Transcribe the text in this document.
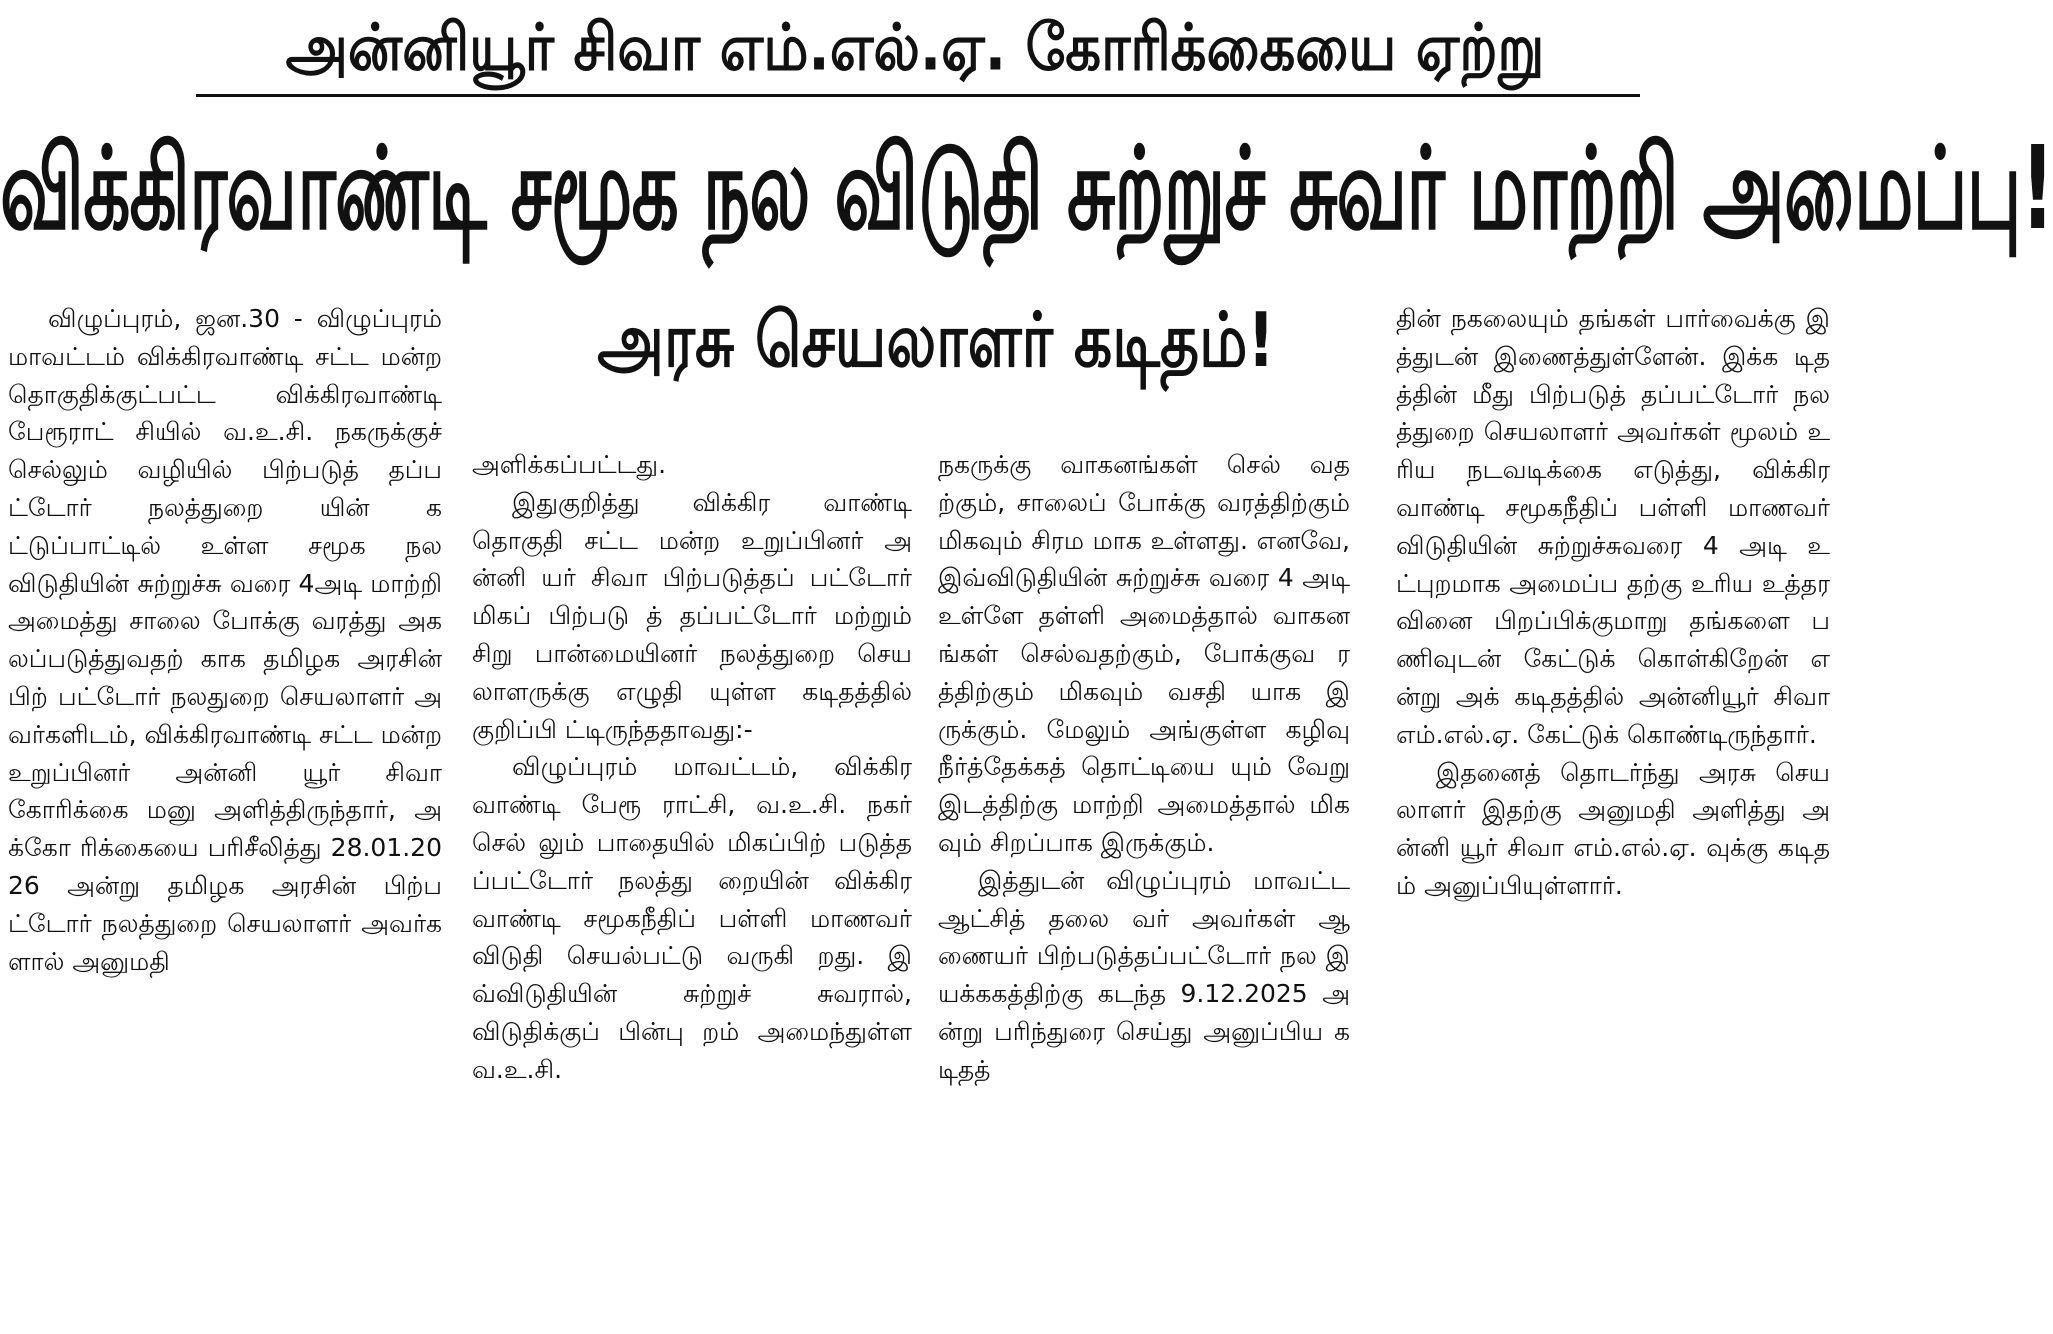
அன்னியூர் சிவா எம்.எல்.ஏ. கோரிக்கையை ஏற்று
விக்கிரவாண்டி சமூக நல விடுதி சுற்றுச் சுவர் மாற்றி அமைப்பு!
அரசு செயலாளர் கடிதம்!

விழுப்புரம், ஜன.30 - விழுப்புரம் மாவட்டம் விக்கிரவாண்டி சட்ட மன்ற தொகுதிக்குட்பட்ட விக்கிரவாண்டி பேரூராட் சியில் வ.உ.சி. நகருக்குச் செல்லும் வழியில் பிற்படுத் தப்பட்டோர் நலத்துறை யின் கட்டுப்பாட்டில் உள்ள சமூக நல விடுதியின் சுற்றுச்சு வரை 4அடி மாற்றி அமைத்து சாலை போக்கு வரத்து அகலப்படுத்துவதற் காக தமிழக அரசின் பிற் பட்டோர் நலதுறை செயலாளர் அவர்களிடம், விக்கிரவாண்டி சட்ட மன்ற உறுப்பினர் அன்னி யூர் சிவா கோரிக்கை மனு அளித்திருந்தார், அக்கோ ரிக்கையை பரிசீலித்து 28.01.2026 அன்று தமிழக அரசின் பிற்பட்டோர் நலத்துறை செயலாளர் அவர்களால் அனுமதி

அளிக்கப்பட்டது.

இதுகுறித்து விக்கிர வாண்டி தொகுதி சட்ட மன்ற உறுப்பினர் அன்னி யர் சிவா பிற்படுத்தப் பட்டோர் மிகப் பிற்படு த் தப்பட்டோர் மற்றும் சிறு பான்மையினர் நலத்துறை செயலாளருக்கு எழுதி யுள்ள கடிதத்தில் குறிப்பி ட்டிருந்ததாவது:-

விழுப்புரம் மாவட்டம், விக்கிரவாண்டி பேரூ ராட்சி, வ.உ.சி. நகர் செல் லும் பாதையில் மிகப்பிற் படுத்தப்பட்டோர் நலத்து றையின் விக்கிரவாண்டி சமூகநீதிப் பள்ளி மாணவர் விடுதி செயல்பட்டு வருகி றது. இவ்விடுதியின் சுற்றுச் சுவரால், விடுதிக்குப் பின்பு றம் அமைந்துள்ள வ.உ.சி.

நகருக்கு வாகனங்கள் செல் வதற்கும், சாலைப் போக்கு வரத்திற்கும் மிகவும் சிரம மாக உள்ளது. எனவே, இவ்விடுதியின் சுற்றுச்சு வரை 4 அடி உள்ளே தள்ளி அமைத்தால் வாகனங்கள் செல்வதற்கும், போக்குவ ரத்திற்கும் மிகவும் வசதி யாக இருக்கும். மேலும் அங்குள்ள கழிவு நீர்த்தேக்கத் தொட்டியை யும் வேறு இடத்திற்கு மாற்றி அமைத்தால் மிக வும் சிறப்பாக இருக்கும்.

இத்துடன் விழுப்புரம் மாவட்ட ஆட்சித் தலை வர் அவர்கள் ஆணையர் பிற்படுத்தப்பட்டோர் நல இயக்ககத்திற்கு கடந்த 9.12.2025 அன்று பரிந்துரை செய்து அனுப்பிய கடிதத்

தின் நகலையும் தங்கள் பார்வைக்கு இத்துடன் இணைத்துள்ளேன். இக்க டிதத்தின் மீது பிற்படுத் தப்பட்டோர் நலத்துறை செயலாளர் அவர்கள் மூலம் உரிய நடவடிக்கை எடுத்து, விக்கிரவாண்டி சமூகநீதிப் பள்ளி மாணவர் விடுதியின் சுற்றுச்சுவரை 4 அடி உட்புறமாக அமைப்ப தற்கு உரிய உத்தரவினை பிறப்பிக்குமாறு தங்களை பணிவுடன் கேட்டுக் கொள்கிறேன் என்று அக் கடிதத்தில் அன்னியூர் சிவா எம்.எல்.ஏ. கேட்டுக் கொண்டிருந்தார்.

இதனைத் தொடர்ந்து அரசு செயலாளர் இதற்கு அனுமதி அளித்து அன்னி யூர் சிவா எம்.எல்.ஏ. வுக்கு கடிதம் அனுப்பியுள்ளார்.
